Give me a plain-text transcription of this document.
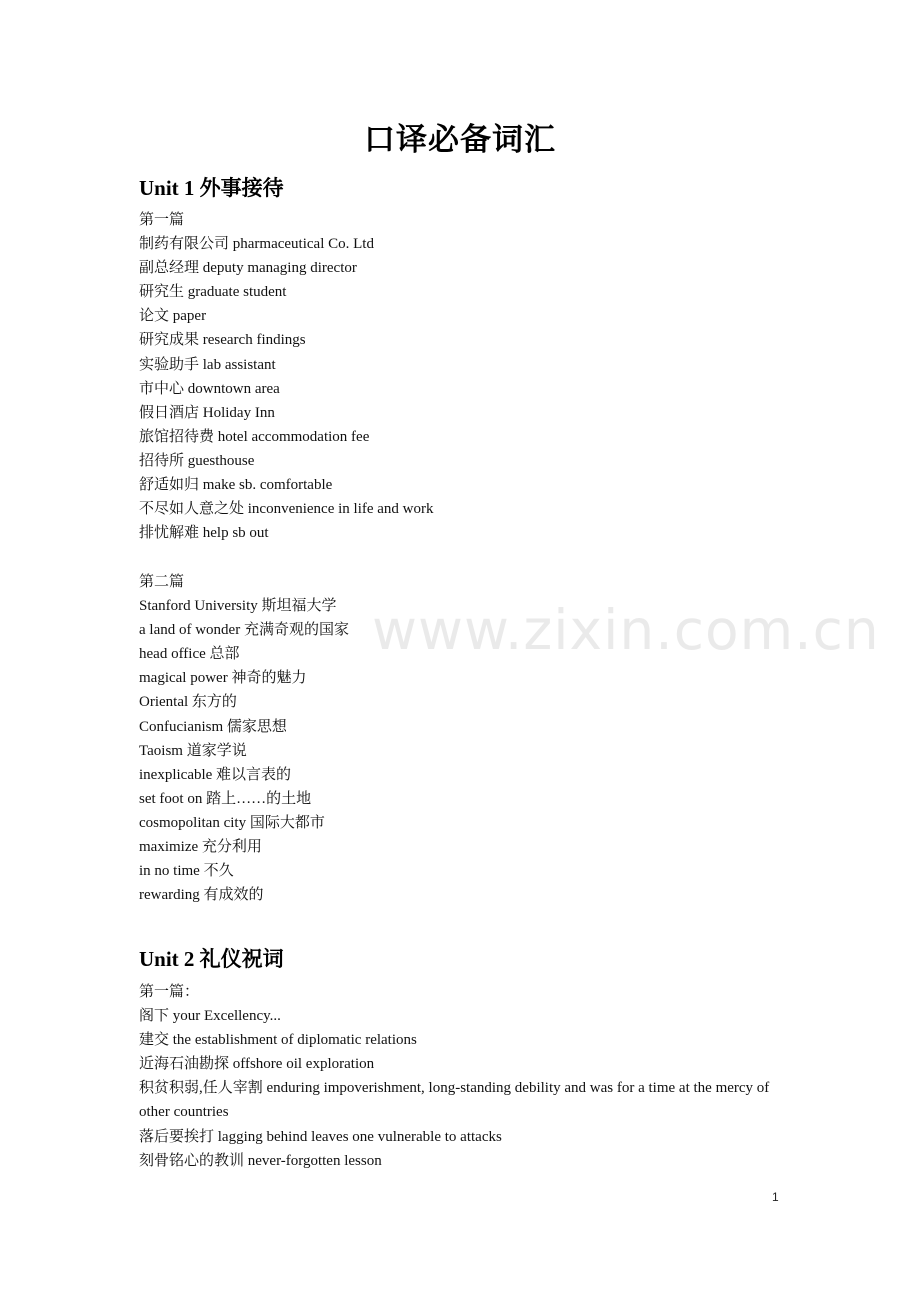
口译必备词汇
Unit 1 外事接待
第一篇
制药有限公司 pharmaceutical Co. Ltd
副总经理 deputy managing director
研究生 graduate student
论文 paper
研究成果 research findings
实验助手 lab assistant
市中心 downtown area
假日酒店 Holiday Inn
旅馆招待费 hotel accommodation fee
招待所 guesthouse
舒适如归 make sb. comfortable
不尽如人意之处 inconvenience in life and work
排忧解难 help sb out
第二篇
Stanford University 斯坦福大学
a land of wonder 充满奇观的国家
head office 总部
magical power 神奇的魅力
Oriental 东方的
Confucianism 儒家思想
Taoism 道家学说
inexplicable 难以言表的
set foot on 踏上……的土地
cosmopolitan city 国际大都市
maximize 充分利用
in no time 不久
rewarding 有成效的
Unit 2 礼仪祝词
第一篇：
阁下 your Excellency...
建交 the establishment of diplomatic relations
近海石油勘探 offshore oil exploration
积贫积弱,任人宰割 enduring impoverishment, long-standing debility and was for a time at the mercy of other countries
落后要挨打 lagging behind leaves one vulnerable to attacks
刻骨铭心的教训 never-forgotten lesson
www.zixin.com.cn
1
